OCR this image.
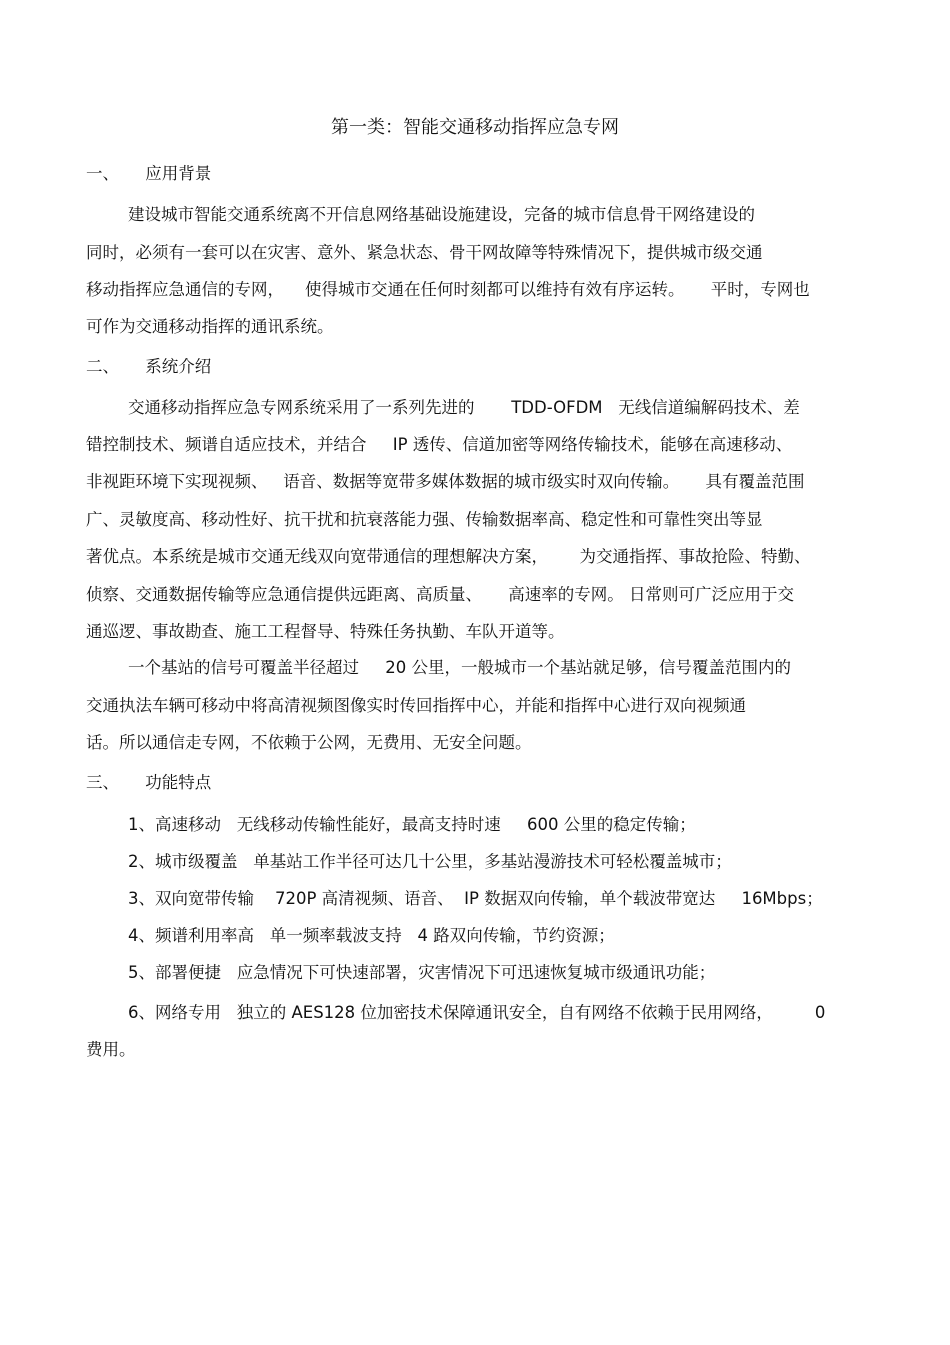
第一类：智能交通移动指挥应急专网
一、     应用背景
建设城市智能交通系统离不开信息网络基础设施建设，完备的城市信息骨干网络建设的
同时，必须有一套可以在灾害、意外、紧急状态、骨干网故障等特殊情况下，提供城市级交通
移动指挥应急通信的专网，    使得城市交通在任何时刻都可以维持有效有序运转。     平时，专网也
可作为交通移动指挥的通讯系统。
二、     系统介绍
交通移动指挥应急专网系统采用了一系列先进的       TDD-OFDM   无线信道编解码技术、差
错控制技术、频谱自适应技术，并结合     IP 透传、信道加密等网络传输技术，能够在高速移动、
非视距环境下实现视频、   语音、数据等宽带多媒体数据的城市级实时双向传输。     具有覆盖范围
广、灵敏度高、移动性好、抗干扰和抗衰落能力强、传输数据率高、稳定性和可靠性突出等显
著优点。本系统是城市交通无线双向宽带通信的理想解决方案，      为交通指挥、事故抢险、特勤、
侦察、交通数据传输等应急通信提供远距离、高质量、     高速率的专网。 日常则可广泛应用于交
通巡逻、事故勘查、施工工程督导、特殊任务执勤、车队开道等。
一个基站的信号可覆盖半径超过     20 公里，一般城市一个基站就足够，信号覆盖范围内的
交通执法车辆可移动中将高清视频图像实时传回指挥中心，并能和指挥中心进行双向视频通
话。所以通信走专网，不依赖于公网，无费用、无安全问题。
三、     功能特点
1、高速移动   无线移动传输性能好，最高支持时速     600 公里的稳定传输；
2、城市级覆盖   单基站工作半径可达几十公里，多基站漫游技术可轻松覆盖城市；
3、双向宽带传输    720P 高清视频、语音、  IP 数据双向传输，单个载波带宽达     16Mbps；
4、频谱利用率高   单一频率载波支持   4 路双向传输，节约资源；
5、部署便捷   应急情况下可快速部署，灾害情况下可迅速恢复城市级通讯功能；
6、网络专用   独立的 AES128 位加密技术保障通讯安全，自有网络不依赖于民用网络，        0
费用。
